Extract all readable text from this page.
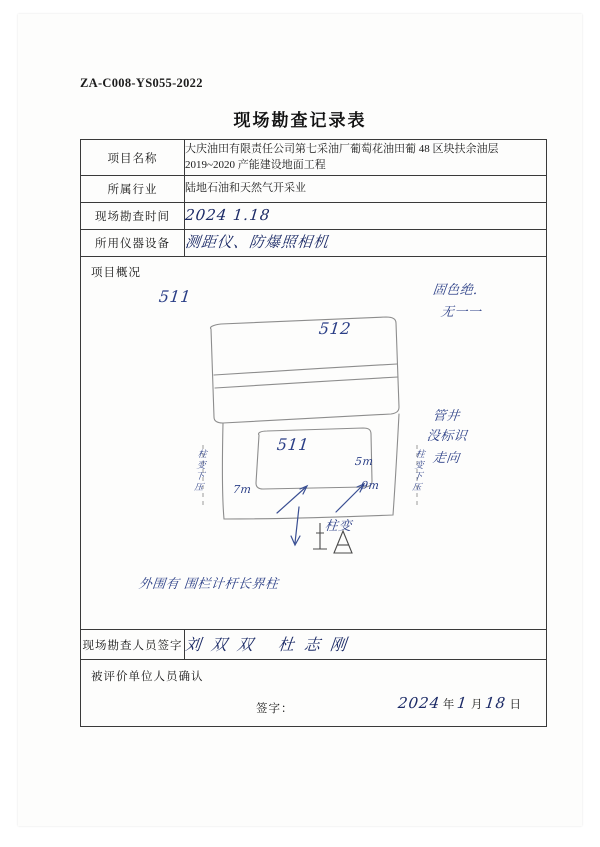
ZA-C008-YS055-2022
现场勘查记录表
项目名称	大庆油田有限责任公司第七采油厂葡萄花油田葡 48 区块扶余油层 2019~2020 产能建设地面工程
所属行业	陆地石油和天然气开采业
现场勘查时间	2024 1.18
所用仪器设备	测距仪、防爆照相机

项目概况
511
512
511
固色绝.
无一一
管井
没标识
走向
5m
9m
7m
柱变
外围有 围栏计杆长界柱
柱变下压	柱变下压

现场勘查人员签字	刘双双 杜志刚

被评价单位人员确认
签字： 2024 年 1 月 18 日	
